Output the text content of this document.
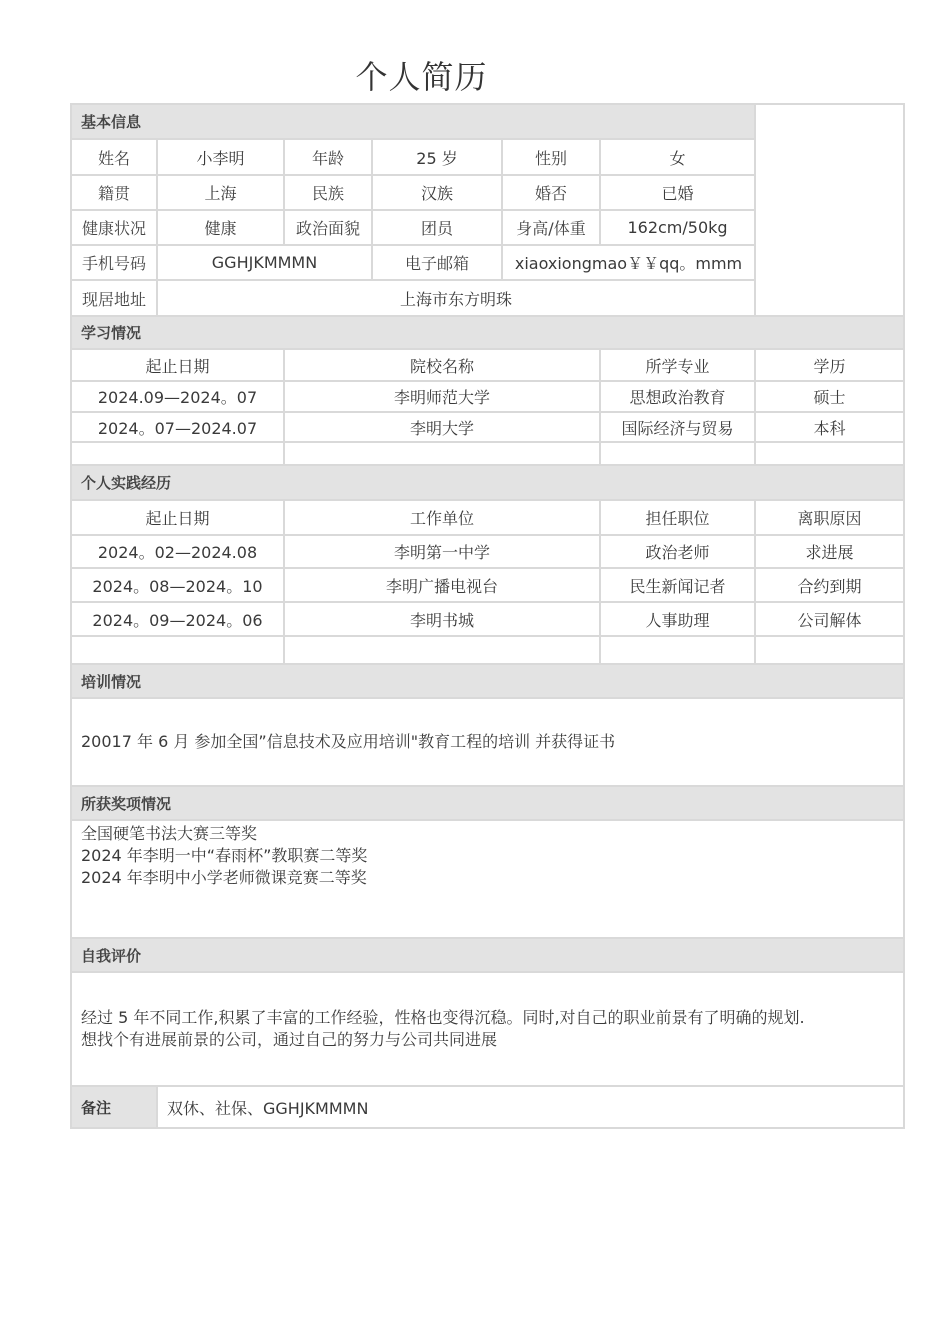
个人简历
基本信息						
姓名	小李明	年龄	25 岁	性别	女	
籍贯	上海	民族	汉族	婚否	已婚	
健康状况	健康	政治面貌	团员	身高/体重	162cm/50kg	
手机号码	GGHJKMMMN		电子邮箱	xiaoxiongmao￥￥qq。mmm		
现居地址	上海市东方明珠					
学习情况						
起止日期		院校名称			所学专业	学历
2024.09—2024。07		李明师范大学			思想政治教育	硕士
2024。07—2024.07		李明大学			国际经济与贸易	本科

个人实践经历						
起止日期		工作单位			担任职位	离职原因
2024。02—2024.08		李明第一中学			政治老师	求进展
2024。08—2024。10		李明广播电视台			民生新闻记者	合约到期
2024。09—2024。06		李明书城			人事助理	公司解体

培训情况						
20017 年 6 月 参加全国”信息技术及应用培训"教育工程的培训 并获得证书						
所获奖项情况						

全国硬笔书法大赛三等奖
2024 年李明一中“春雨杯”教职赛二等奖
2024 年李明中小学老师微课竞赛二等奖						

自我评价						

经过 5 年不同工作,积累了丰富的工作经验，性格也变得沉稳。同时,对自己的职业前景有了明确的规划.
想找个有进展前景的公司，通过自己的努力与公司共同进展						

备注	双休、社保、GGHJKMMMN					
